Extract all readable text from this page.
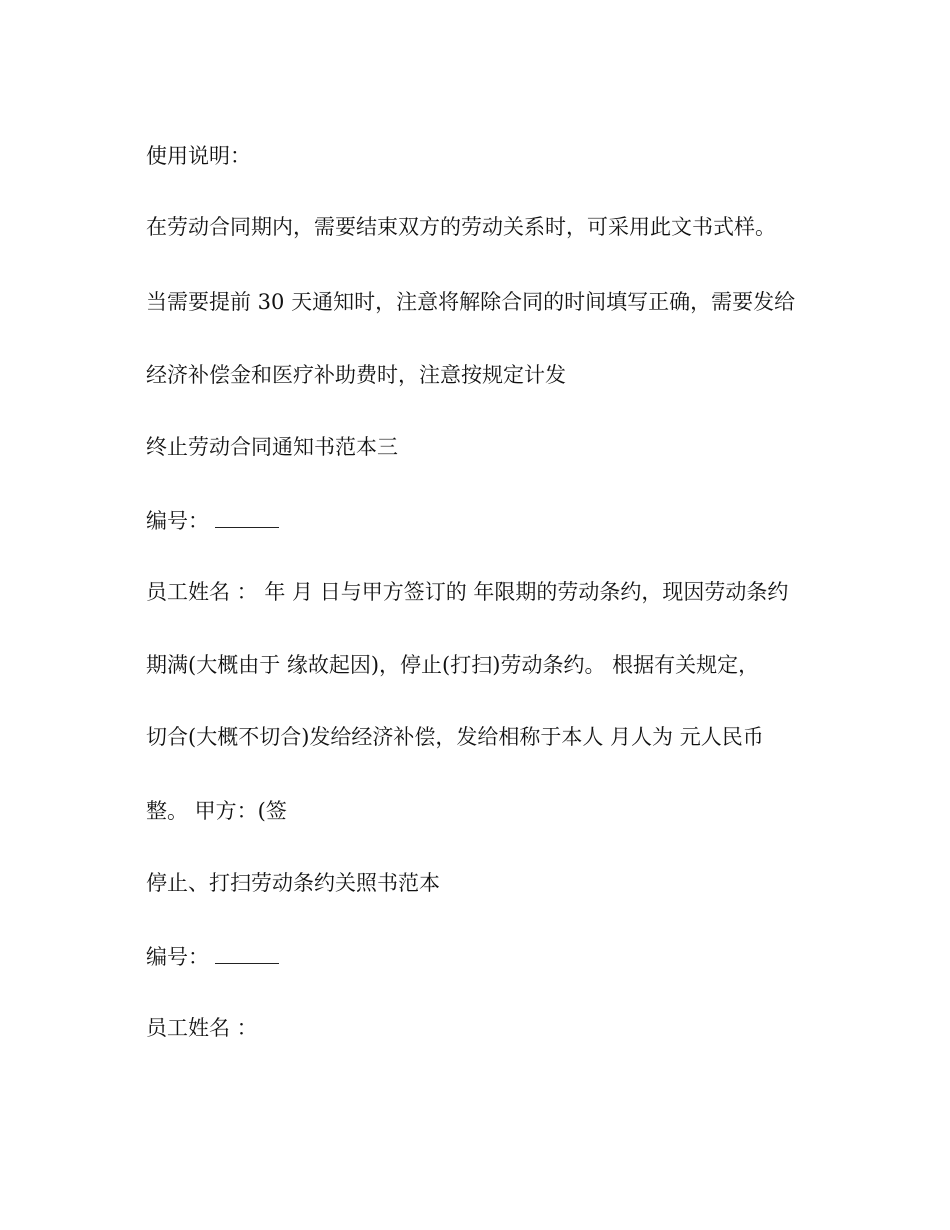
使用说明：
在劳动合同期内，需要结束双方的劳动关系时，可采用此文书式样。
当需要提前 30 天通知时，注意将解除合同的时间填写正确，需要发给
经济补偿金和医疗补助费时，注意按规定计发
终止劳动合同通知书范本三
编号：
员工姓名 ： 年 月 日与甲方签订的 年限期的劳动条约，现因劳动条约
期满(大概由于 缘故起因)，停止(打扫)劳动条约。 根据有关规定，
切合(大概不切合)发给经济补偿，发给相称于本人 月人为 元人民币
整。 甲方：(签
停止、打扫劳动条约关照书范本
编号：
员工姓名 ：
